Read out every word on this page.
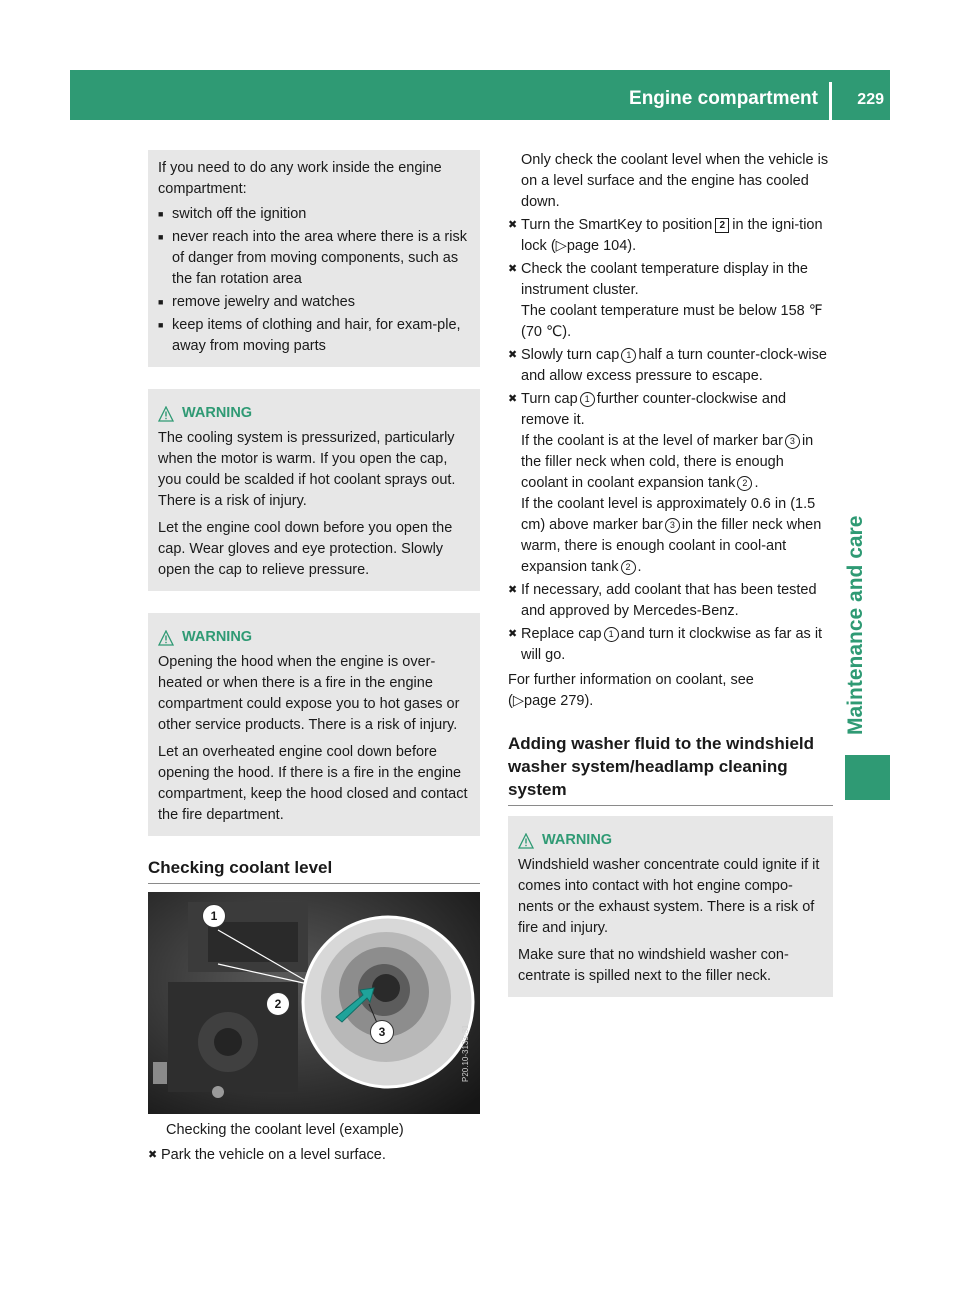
Engine compartment 229
Maintenance and care

If you need to do any work inside the engine compartment:

■ switch off the ignition
■ never reach into the area where there is a risk of danger from moving components, such as the fan rotation area
■ remove jewelry and watches
■ keep items of clothing and hair, for exam-ple, away from moving parts
WARNING

The cooling system is pressurized, particularly when the motor is warm. If you open the cap, you could be scalded if hot coolant sprays out. There is a risk of injury.

Let the engine cool down before you open the cap. Wear gloves and eye protection. Slowly open the cap to relieve pressure.

WARNING

Opening the hood when the engine is over-heated or when there is a fire in the engine compartment could expose you to hot gases or other service products. There is a risk of injury.

Let an overheated engine cool down before opening the hood. If there is a fire in the engine compartment, keep the hood closed and contact the fire department.

Checking coolant level
P20.10-3133-31
1
2
3

Checking the coolant level (example)

✖ Park the vehicle on a level surface.

Only check the coolant level when the vehicle is on a level surface and the engine has cooled down.

✖ Turn the SmartKey to position 2 in the igni-tion lock (▷page 104).
✖ Check the coolant temperature display in the instrument cluster.
The coolant temperature must be below 158 ℉ (70 ℃).
✖ Slowly turn cap 1 half a turn counter-clock-wise and allow excess pressure to escape.
✖ Turn cap 1 further counter-clockwise and remove it.
If the coolant is at the level of marker bar 3 in the filler neck when cold, there is enough coolant in coolant expansion tank 2 .
If the coolant level is approximately 0.6 in (1.5 cm) above marker bar 3 in the filler neck when warm, there is enough coolant in cool-ant expansion tank 2 .
✖ If necessary, add coolant that has been tested and approved by Mercedes-Benz.
✖ Replace cap 1 and turn it clockwise as far as it will go.

For further information on coolant, see
(▷page 279).

Adding washer fluid to the windshield washer system/headlamp cleaning system
WARNING

Windshield washer concentrate could ignite if it comes into contact with hot engine compo-nents or the exhaust system. There is a risk of fire and injury.

Make sure that no windshield washer con-centrate is spilled next to the filler neck.
